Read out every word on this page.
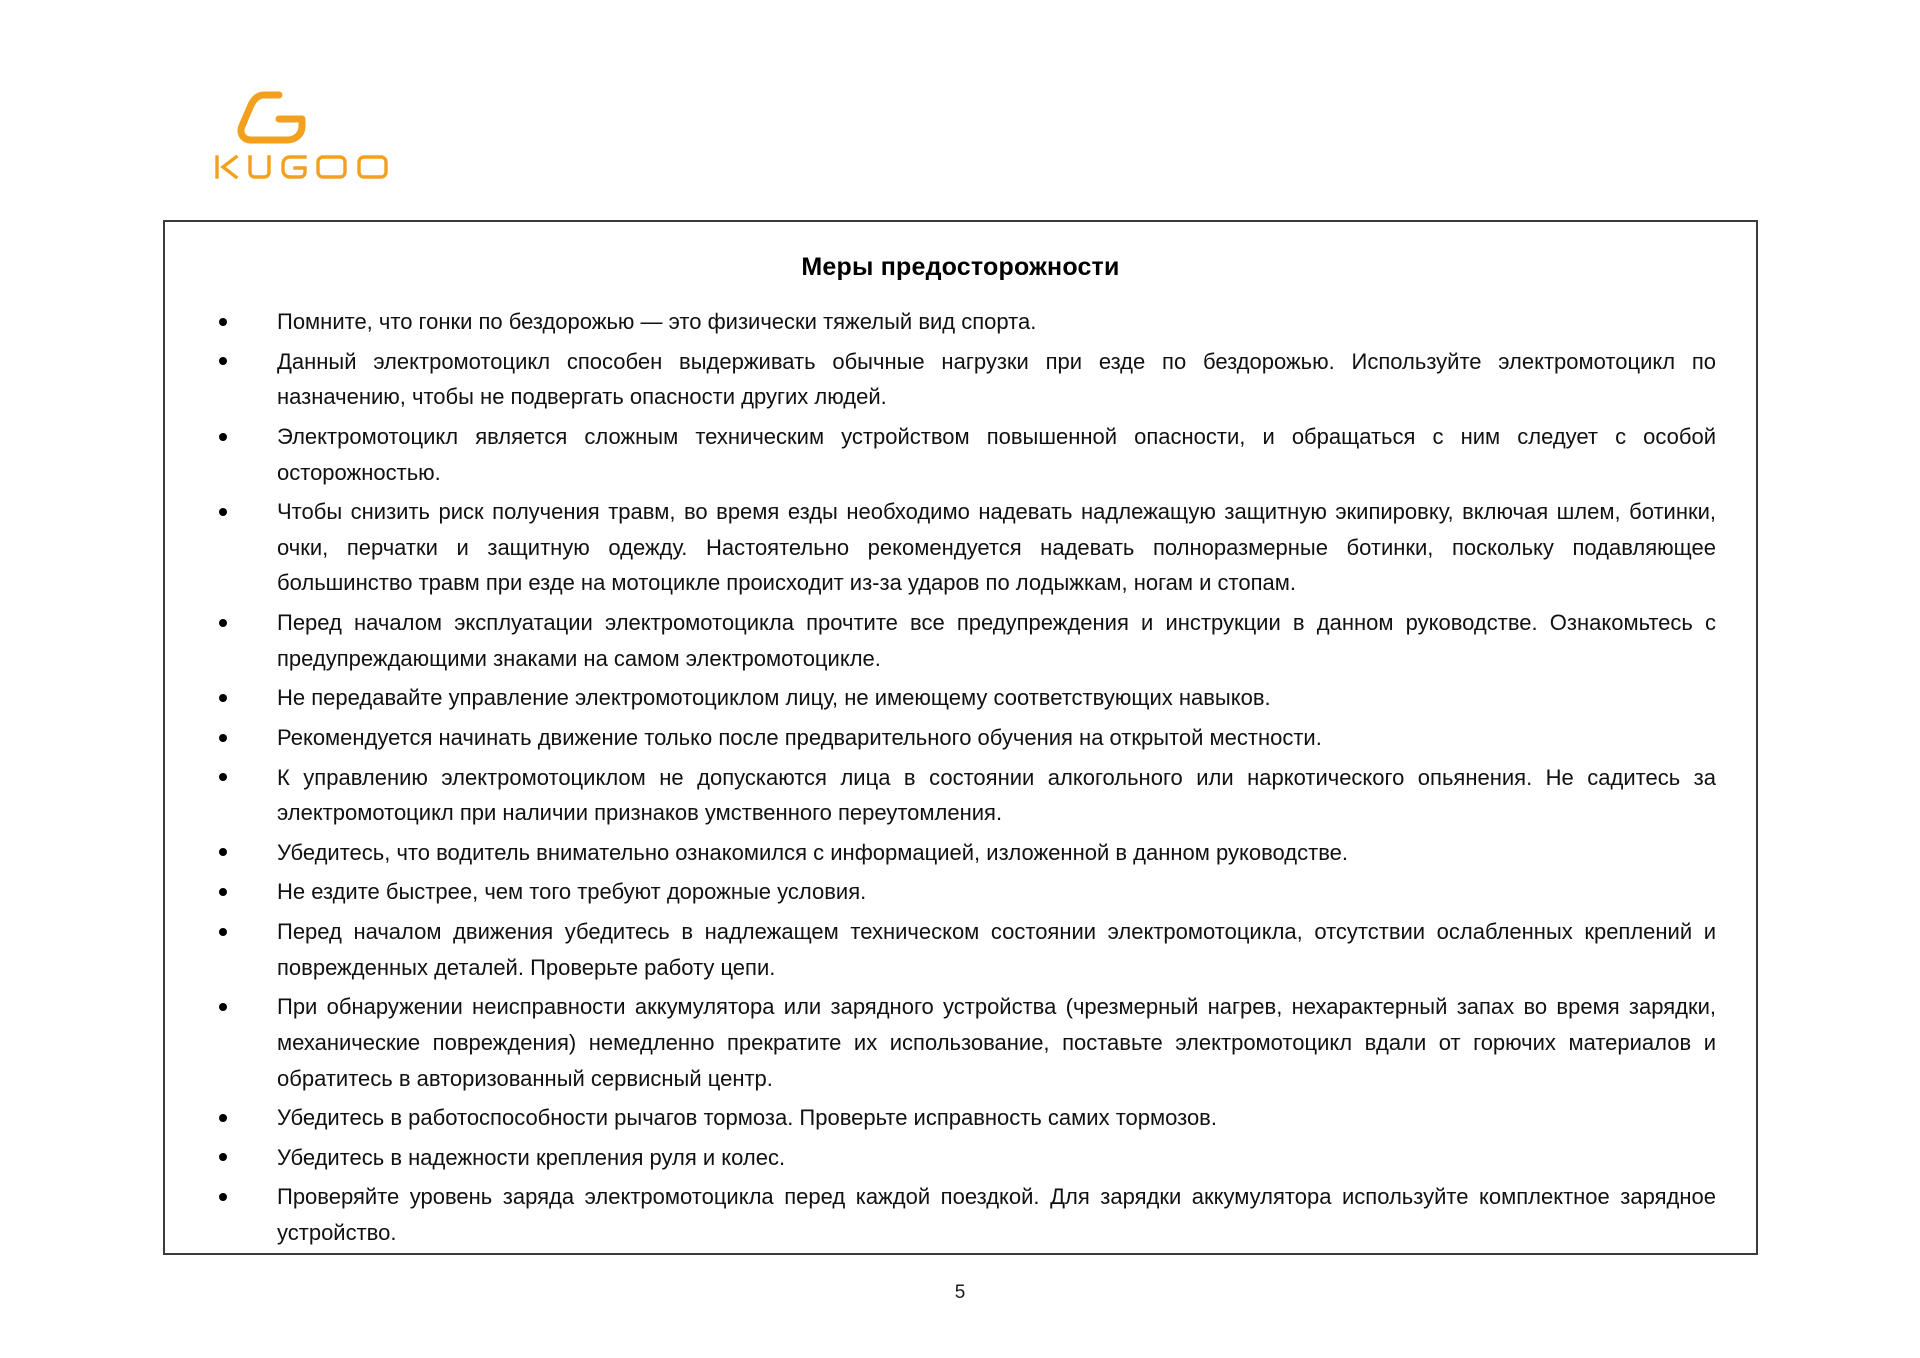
Меры предосторожности
Помните, что гонки по бездорожью — это физически тяжелый вид спорта.
Данный электромотоцикл способен выдерживать обычные нагрузки при езде по бездорожью. Используйте электромотоцикл по назначению, чтобы не подвергать опасности других людей.
Электромотоцикл является сложным техническим устройством повышенной опасности, и обращаться с ним следует с особой осторожностью.
Чтобы снизить риск получения травм, во время езды необходимо надевать надлежащую защитную экипировку, включая шлем, ботинки, очки, перчатки и защитную одежду. Настоятельно рекомендуется надевать полноразмерные ботинки, поскольку подавляющее большинство травм при езде на мотоцикле происходит из-за ударов по лодыжкам, ногам и стопам.
Перед началом эксплуатации электромотоцикла прочтите все предупреждения и инструкции в данном руководстве. Ознакомьтесь с предупреждающими знаками на самом электромотоцикле.
Не передавайте управление электромотоциклом лицу, не имеющему соответствующих навыков.
Рекомендуется начинать движение только после предварительного обучения на открытой местности.
К управлению электромотоциклом не допускаются лица в состоянии алкогольного или наркотического опьянения. Не садитесь за электромотоцикл при наличии признаков умственного переутомления.
Убедитесь, что водитель внимательно ознакомился с информацией, изложенной в данном руководстве.
Не ездите быстрее, чем того требуют дорожные условия.
Перед началом движения убедитесь в надлежащем техническом состоянии электромотоцикла, отсутствии ослабленных креплений и поврежденных деталей. Проверьте работу цепи.
При обнаружении неисправности аккумулятора или зарядного устройства (чрезмерный нагрев, нехарактерный запах во время зарядки, механические повреждения) немедленно прекратите их использование, поставьте электромотоцикл вдали от горючих материалов и обратитесь в авторизованный сервисный центр.
Убедитесь в работоспособности рычагов тормоза. Проверьте исправность самих тормозов.
Убедитесь в надежности крепления руля и колес.
Проверяйте уровень заряда электромотоцикла перед каждой поездкой. Для зарядки аккумулятора используйте комплектное зарядное устройство.
5
